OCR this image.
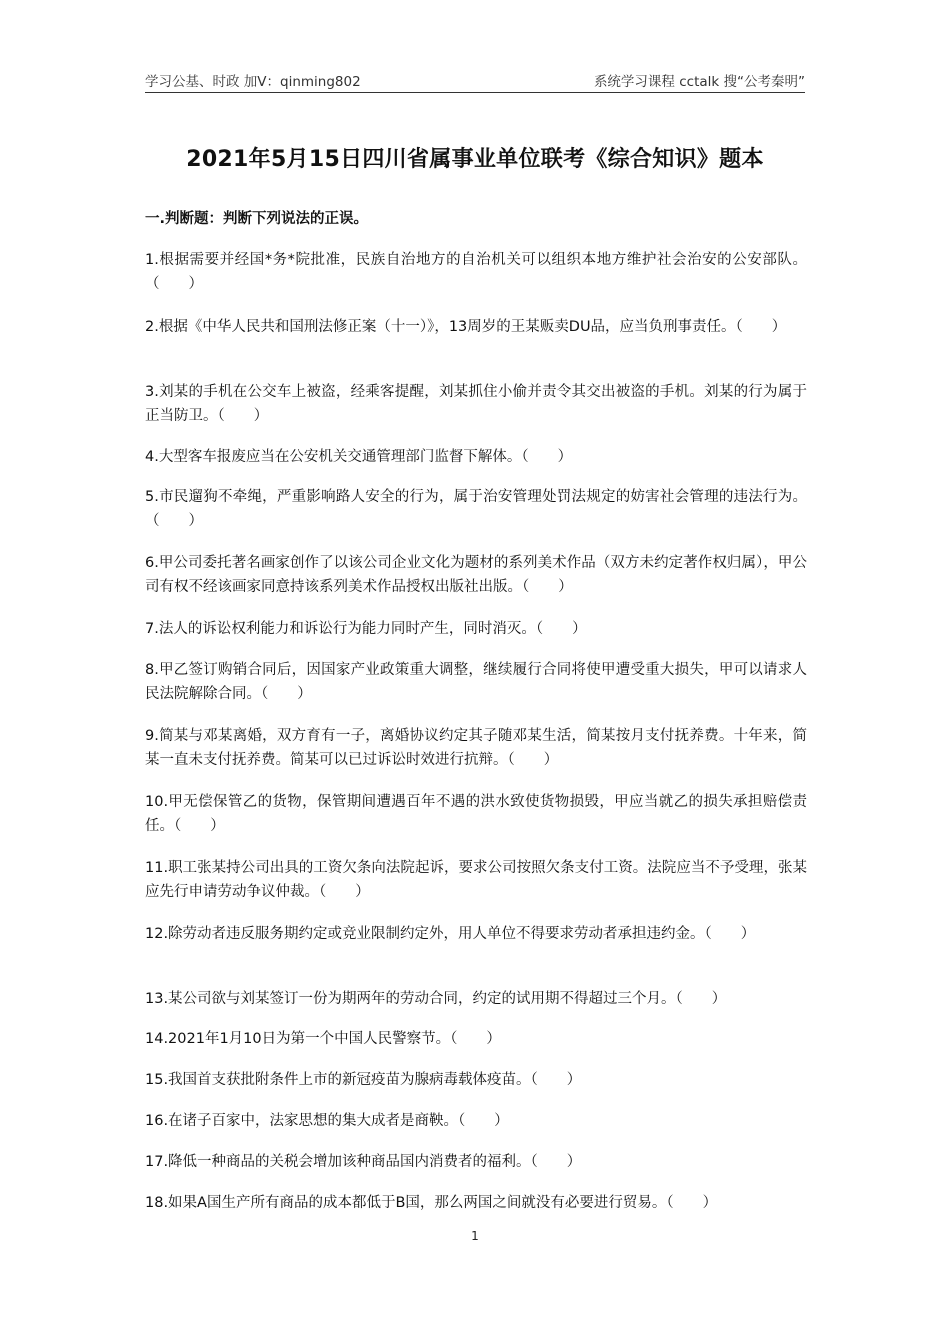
学习公基、时政 加V：qinming802	系统学习课程 cctalk 搜“公考秦明”
2021年5月15日四川省属事业单位联考《综合知识》题本
一.判断题：判断下列说法的正误。
1.根据需要并经国*务*院批准，民族自治地方的自治机关可以组织本地方维护社会治安的公安部队。（　　）
2.根据《中华人民共和国刑法修正案（十一）》，13周岁的王某贩卖DU品，应当负刑事责任。（　　）
3.刘某的手机在公交车上被盗，经乘客提醒，刘某抓住小偷并责令其交出被盗的手机。刘某的行为属于正当防卫。（　　）
4.大型客车报废应当在公安机关交通管理部门监督下解体。（　　）
5.市民遛狗不牵绳，严重影响路人安全的行为，属于治安管理处罚法规定的妨害社会管理的违法行为。（　　）
6.甲公司委托著名画家创作了以该公司企业文化为题材的系列美术作品（双方未约定著作权归属），甲公司有权不经该画家同意持该系列美术作品授权出版社出版。（　　）
7.法人的诉讼权利能力和诉讼行为能力同时产生，同时消灭。（　　）
8.甲乙签订购销合同后，因国家产业政策重大调整，继续履行合同将使甲遭受重大损失，甲可以请求人民法院解除合同。（　　）
9.简某与邓某离婚，双方育有一子，离婚协议约定其子随邓某生活，简某按月支付抚养费。十年来，简某一直未支付抚养费。简某可以已过诉讼时效进行抗辩。（　　）
10.甲无偿保管乙的货物，保管期间遭遇百年不遇的洪水致使货物损毁，甲应当就乙的损失承担赔偿责任。（　　）
11.职工张某持公司出具的工资欠条向法院起诉，要求公司按照欠条支付工资。法院应当不予受理，张某应先行申请劳动争议仲裁。（　　）
12.除劳动者违反服务期约定或竞业限制约定外，用人单位不得要求劳动者承担违约金。（　　）
13.某公司欲与刘某签订一份为期两年的劳动合同，约定的试用期不得超过三个月。（　　）
14.2021年1月10日为第一个中国人民警察节。（　　）
15.我国首支获批附条件上市的新冠疫苗为腺病毒载体疫苗。（　　）
16.在诸子百家中，法家思想的集大成者是商鞅。（　　）
17.降低一种商品的关税会增加该种商品国内消费者的福利。（　　）
18.如果A国生产所有商品的成本都低于B国，那么两国之间就没有必要进行贸易。（　　）
1
